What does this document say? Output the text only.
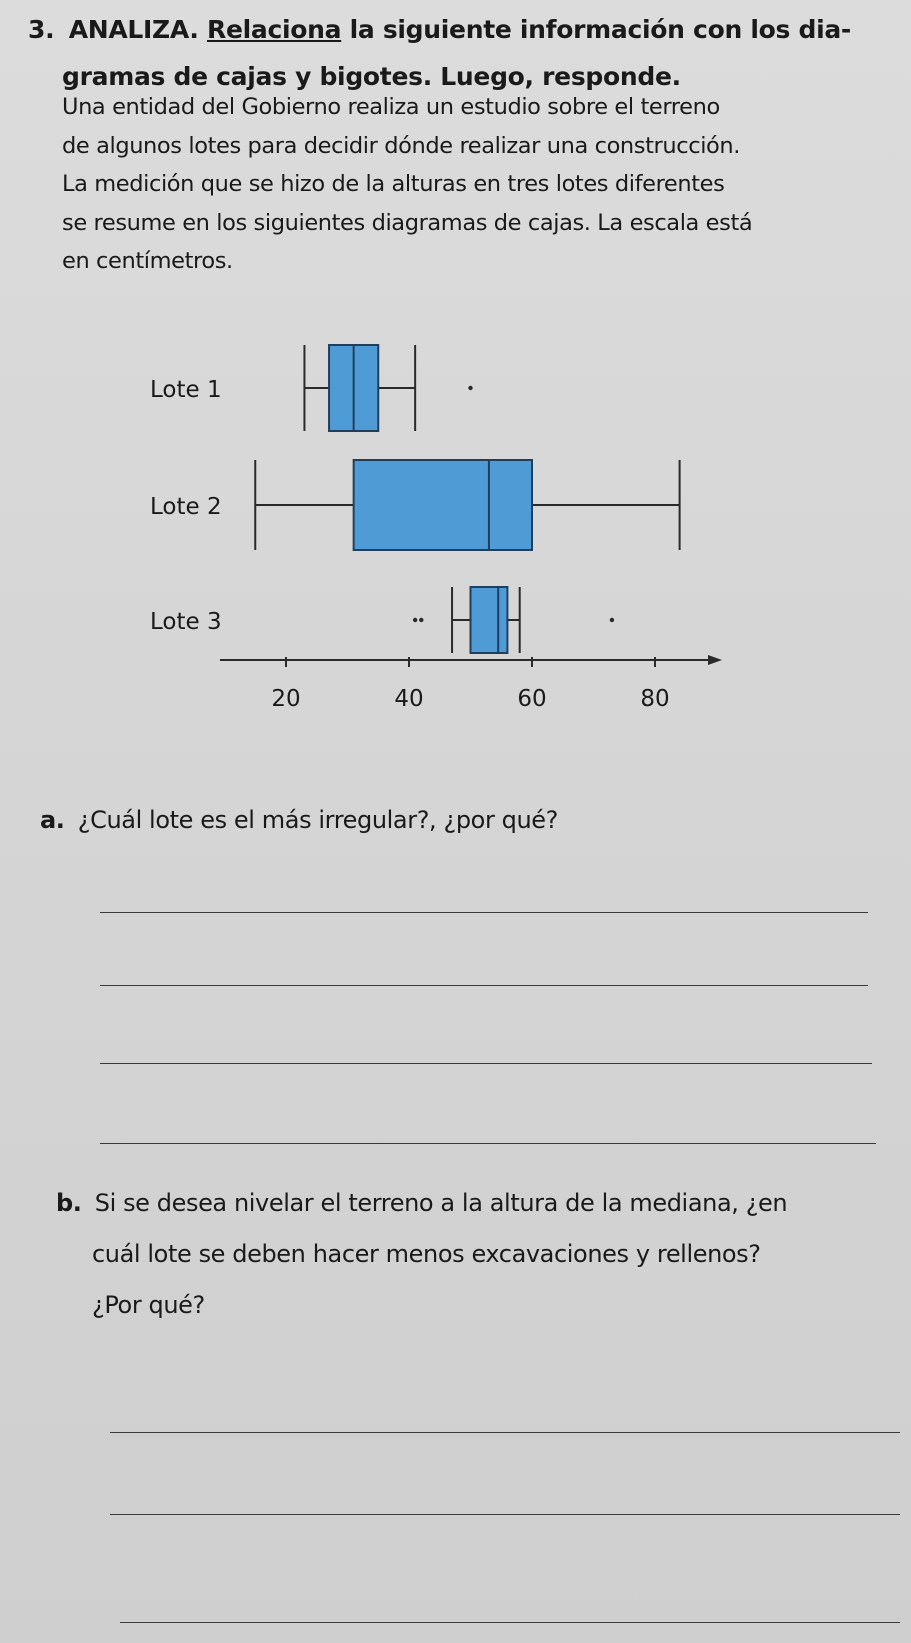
3. ANALIZA. Relaciona la siguiente información con los dia-
gramas de cajas y bigotes. Luego, responde.
Una entidad del Gobierno realiza un estudio sobre el terreno
de algunos lotes para decidir dónde realizar una construcción.
La medición que se hizo de la alturas en tres lotes diferentes
se resume en los siguientes diagramas de cajas. La escala está
en centímetros.
Lote 1
Lote 2
Lote 3
20	40	60	80
a. ¿Cuál lote es el más irregular?, ¿por qué?
b. Si se desea nivelar el terreno a la altura de la mediana, ¿en
cuál lote se deben hacer menos excavaciones y rellenos?
¿Por qué?
